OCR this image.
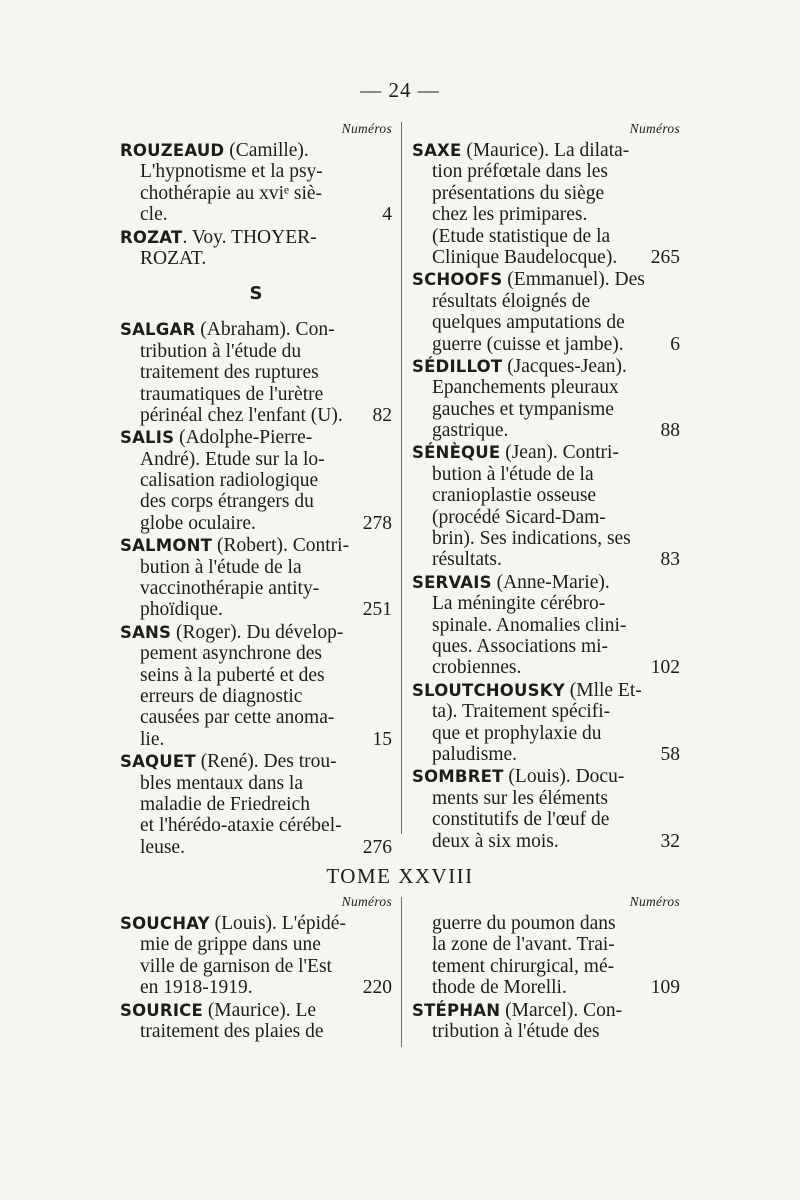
— 24 —
Numéros
ROUZEAUD (Camille).
L'hypnotisme et la psy-
chothérapie au xviᵉ siè-
cle.	4
ROZAT. Voy. THOYER-
ROZAT.
S
SALGAR (Abraham). Con-
tribution à l'étude du
traitement des ruptures
traumatiques de l'urètre
périnéal chez l'enfant (U). 82
SALIS (Adolphe-Pierre-
André). Etude sur la lo-
calisation radiologique
des corps étrangers du
globe oculaire.	278
SALMONT (Robert). Contri-
bution à l'étude de la
vaccinothérapie antity-
phoïdique.	251
SANS (Roger). Du dévelop-
pement asynchrone des
seins à la puberté et des
erreurs de diagnostic
causées par cette anoma-
lie.	15
SAQUET (René). Des trou-
bles mentaux dans la
maladie de Friedreich
et l'hérédo-ataxie cérébel-
leuse.	276
Numéros
SAXE (Maurice). La dilata-
tion préfœtale dans les
présentations du siège
chez les primipares.
(Etude statistique de la
Clinique Baudelocque). 265
SCHOOFS (Emmanuel). Des
résultats éloignés de
quelques amputations de
guerre (cuisse et jambe). 6
SÉDILLOT (Jacques-Jean).
Epanchements pleuraux
gauches et tympanisme
gastrique.	88
SÉNÈQUE (Jean). Contri-
bution à l'étude de la
cranioplastie osseuse
(procédé Sicard-Dam-
brin). Ses indications, ses
résultats.	83
SERVAIS (Anne-Marie).
La méningite cérébro-
spinale. Anomalies clini-
ques. Associations mi-
crobiennes.	102
SLOUTCHOUSKY (Mlle Et-
ta). Traitement spécifi-
que et prophylaxie du
paludisme.	58
SOMBRET (Louis). Docu-
ments sur les éléments
constitutifs de l'œuf de
deux à six mois.	32
TOME XXVIII
Numéros
SOUCHAY (Louis). L'épidé-
mie de grippe dans une
ville de garnison de l'Est
en 1918-1919.	220
SOURICE (Maurice). Le
traitement des plaies de
Numéros
guerre du poumon dans
la zone de l'avant. Trai-
tement chirurgical, mé-
thode de Morelli.	109
STÉPHAN (Marcel). Con-
tribution à l'étude des
